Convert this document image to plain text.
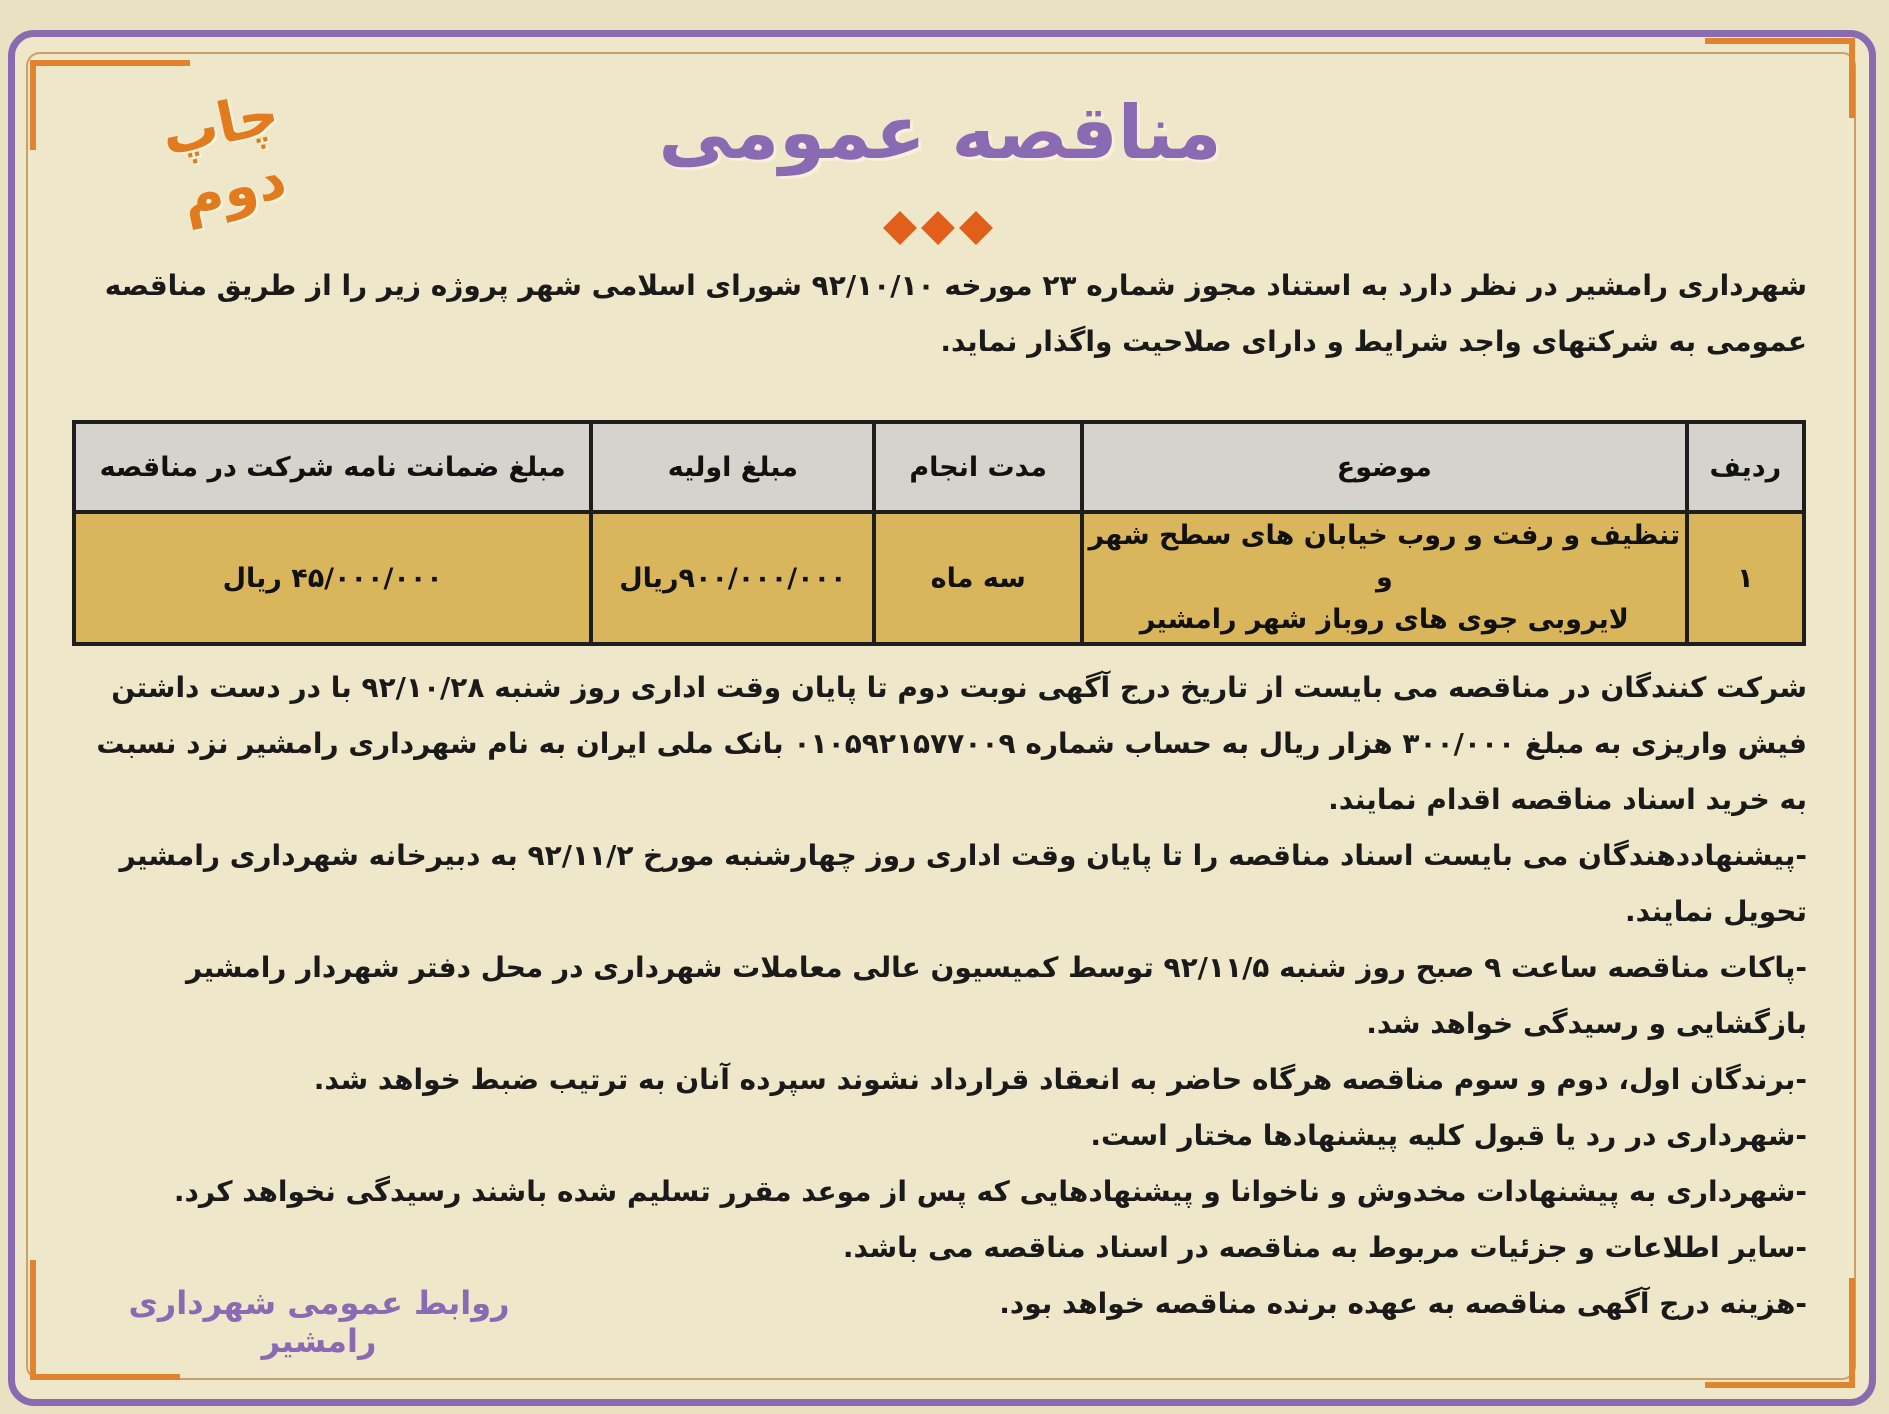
چاپ دوم
مناقصه عمومی
شهرداری رامشیر در نظر دارد به استناد مجوز شماره ۲۳ مورخه ۹۲/۱۰/۱۰ شورای اسلامی شهر پروژه زیر را از طریق مناقصه عمومی به شرکتهای واجد شرایط و دارای صلاحیت واگذار نماید.
ردیف	موضوع	مدت انجام	مبلغ اولیه	مبلغ ضمانت نامه شرکت در مناقصه
۱	تنظیف و رفت و روب خیابان های سطح شهر و
لایروبی جوی های روباز شهر رامشیر	سه ماه	۹۰۰/۰۰۰/۰۰۰ریال	۴۵/۰۰۰/۰۰۰ ریال

شرکت کنندگان در مناقصه می بایست از تاریخ درج آگهی نوبت دوم تا پایان وقت اداری روز شنبه ۹۲/۱۰/۲۸ با در دست داشتن فیش واریزی به مبلغ ۳۰۰/۰۰۰ هزار ریال به حساب شماره ۰۱۰۵۹۲۱۵۷۷۰۰۹ بانک ملی ایران به نام شهرداری رامشیر نزد نسبت به خرید اسناد مناقصه اقدام نمایند.

-پیشنهاددهندگان می بایست اسناد مناقصه را تا پایان وقت اداری روز چهارشنبه مورخ ۹۲/۱۱/۲ به دبیرخانه شهرداری رامشیر تحویل نمایند.

-پاکات مناقصه ساعت ۹ صبح روز شنبه ۹۲/۱۱/۵ توسط کمیسیون عالی معاملات شهرداری در محل دفتر شهردار رامشیر بازگشایی و رسیدگی خواهد شد.

-برندگان اول، دوم و سوم مناقصه هرگاه حاضر به انعقاد قرارداد نشوند سپرده آنان به ترتیب ضبط خواهد شد.

-شهرداری در رد یا قبول کلیه پیشنهادها مختار است.

-شهرداری به پیشنهادات مخدوش و ناخوانا و پیشنهادهایی که پس از موعد مقرر تسلیم شده باشند رسیدگی نخواهد کرد.

-سایر اطلاعات و جزئیات مربوط به مناقصه در اسناد مناقصه می باشد.

-هزینه درج آگهی مناقصه به عهده برنده مناقصه خواهد بود.

روابط عمومی شهرداری رامشیر
